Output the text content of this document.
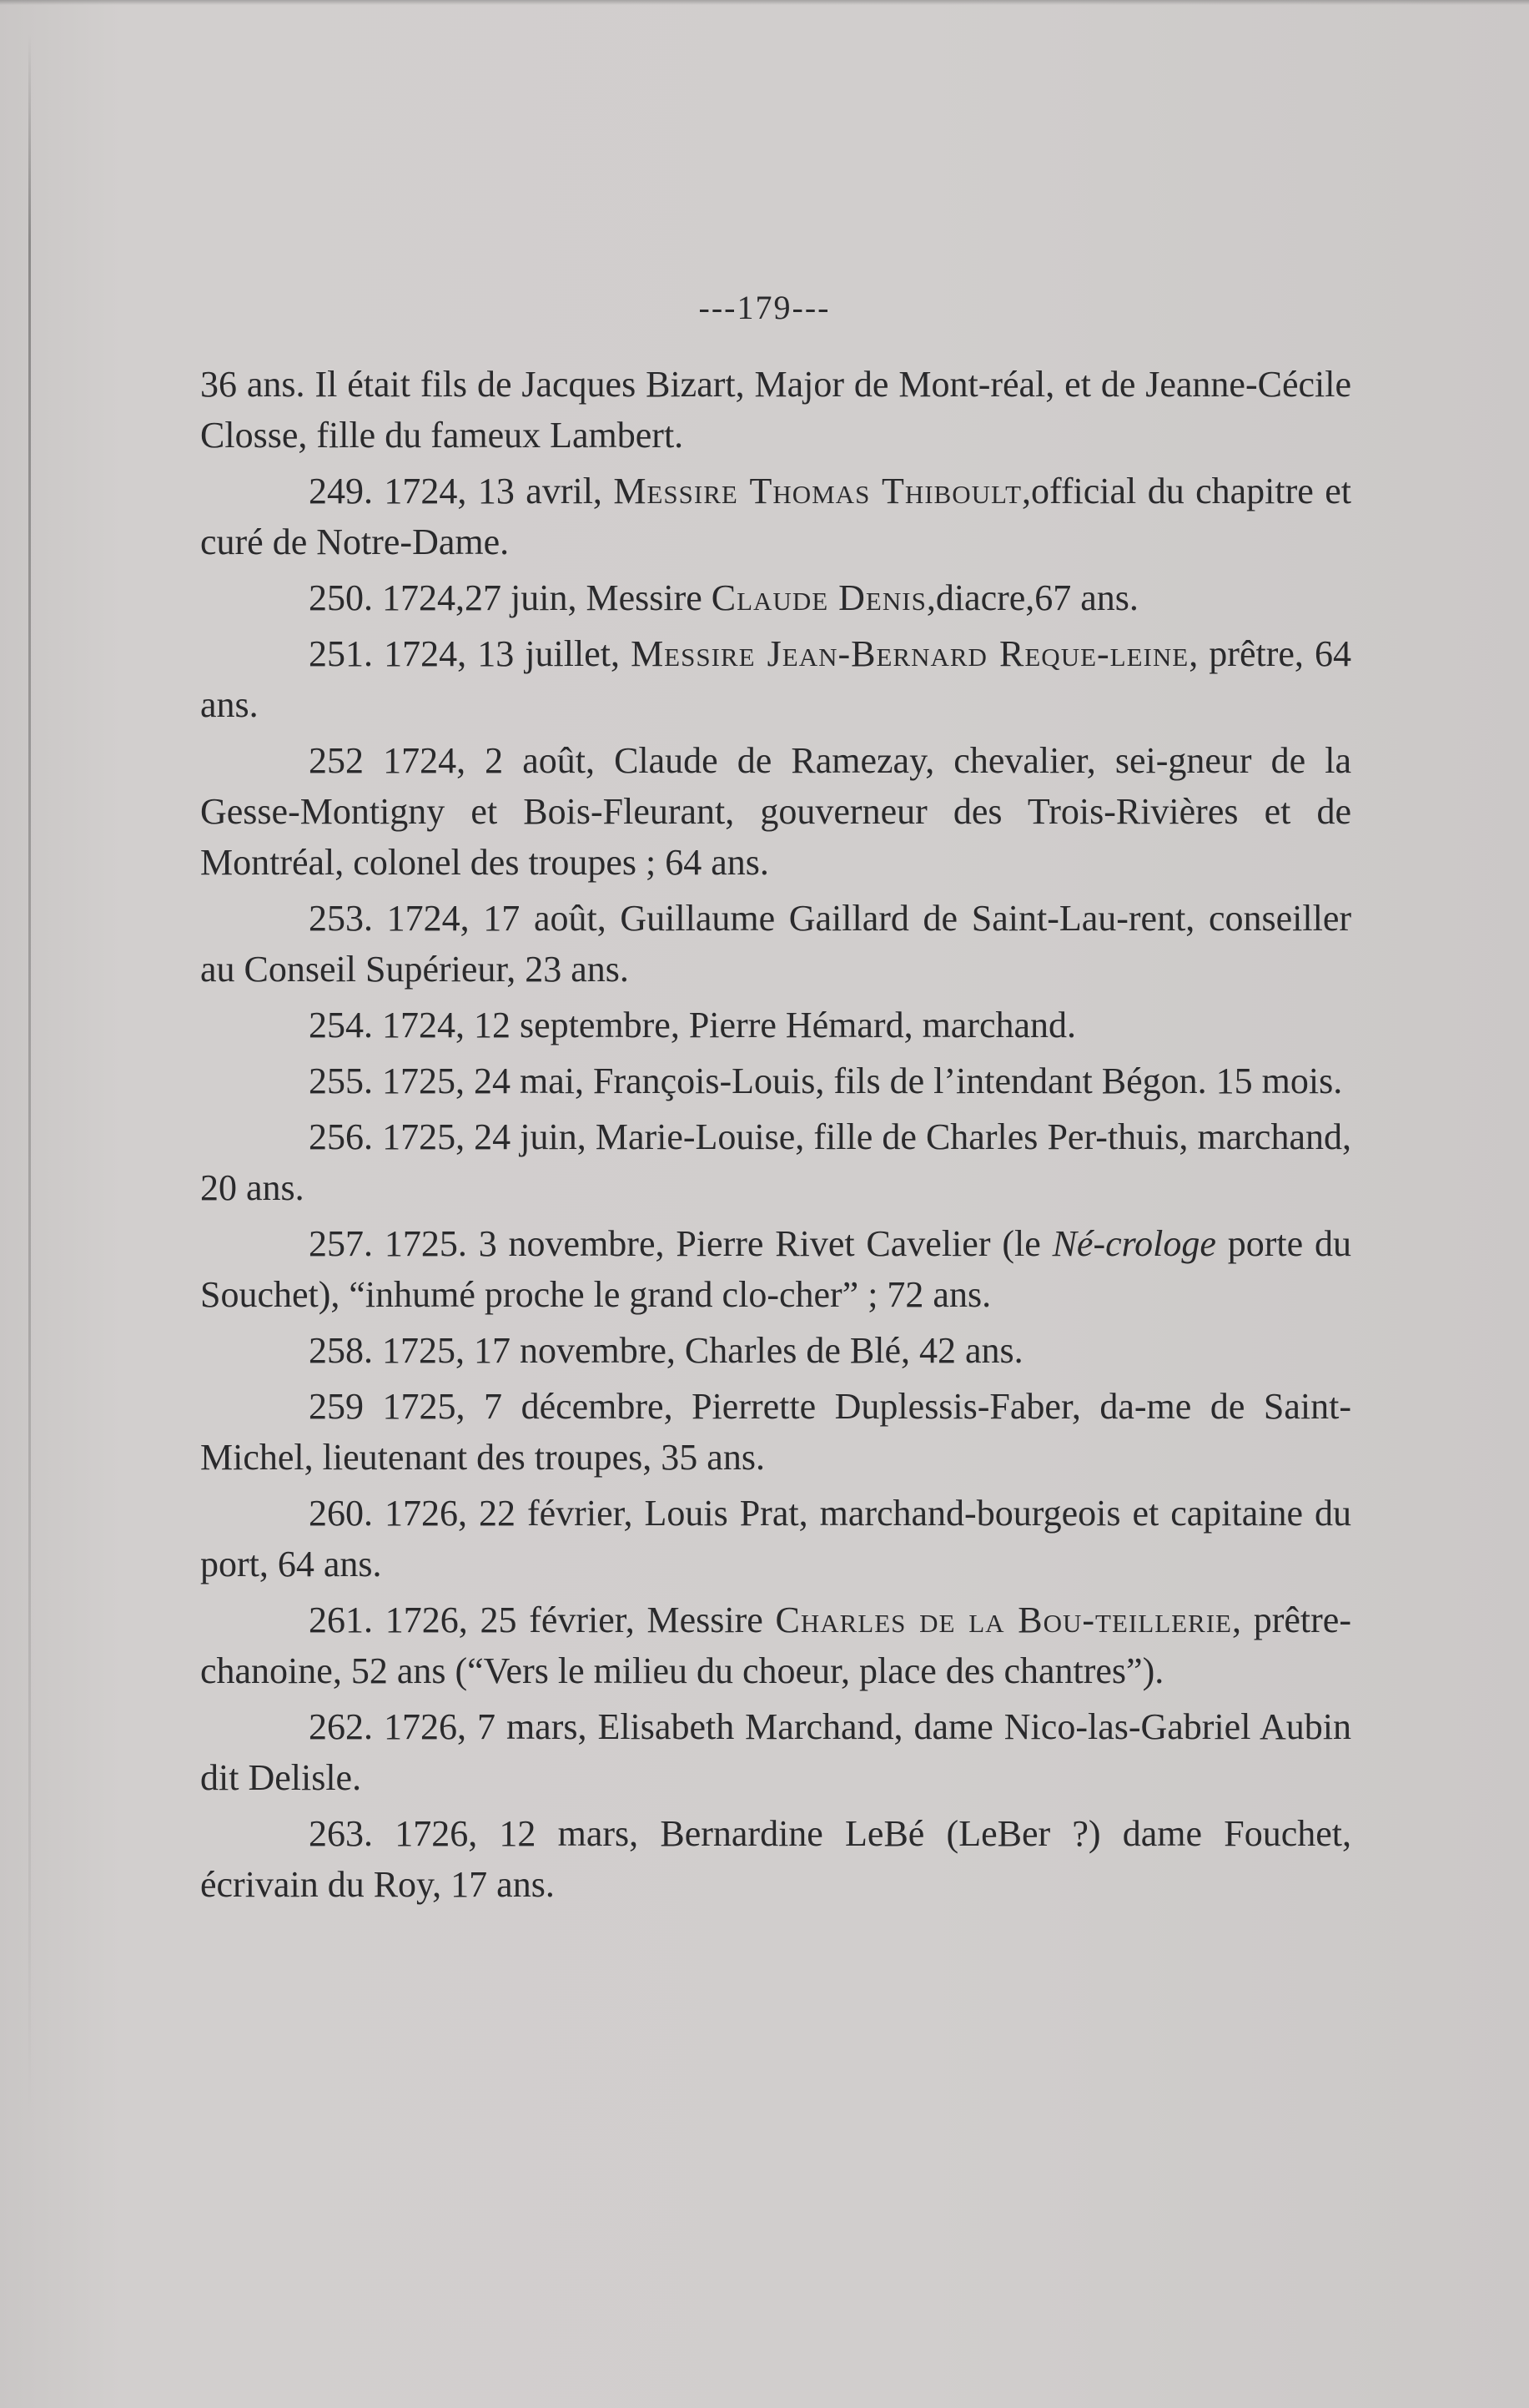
---179---

36 ans. Il était fils de Jacques Bizart, Major de Mont-réal, et de Jeanne-Cécile Closse, fille du fameux Lambert.

249. 1724, 13 avril, Messire Thomas Thiboult,official du chapitre et curé de Notre-Dame.

250. 1724,27 juin, Messire Claude Denis,diacre,67 ans.

251. 1724, 13 juillet, Messire Jean-Bernard Reque-leine, prêtre, 64 ans.

252 1724, 2 août, Claude de Ramezay, chevalier, sei-gneur de la Gesse-Montigny et Bois-Fleurant, gouverneur des Trois-Rivières et de Montréal, colonel des troupes ; 64 ans.

253. 1724, 17 août, Guillaume Gaillard de Saint-Lau-rent, conseiller au Conseil Supérieur, 23 ans.

254. 1724, 12 septembre, Pierre Hémard, marchand.

255. 1725, 24 mai, François-Louis, fils de l’intendant Bégon. 15 mois.

256. 1725, 24 juin, Marie-Louise, fille de Charles Per-thuis, marchand, 20 ans.

257. 1725. 3 novembre, Pierre Rivet Cavelier (le Né-crologe porte du Souchet), “inhumé proche le grand clo-cher” ; 72 ans.

258. 1725, 17 novembre, Charles de Blé, 42 ans.

259 1725, 7 décembre, Pierrette Duplessis-Faber, da-me de Saint-Michel, lieutenant des troupes, 35 ans.

260. 1726, 22 février, Louis Prat, marchand-bourgeois et capitaine du port, 64 ans.

261. 1726, 25 février, Messire Charles de la Bou-teillerie, prêtre-chanoine, 52 ans (“Vers le milieu du choeur, place des chantres”).

262. 1726, 7 mars, Elisabeth Marchand, dame Nico-las-Gabriel Aubin dit Delisle.

263. 1726, 12 mars, Bernardine LeBé (LeBer ?) dame Fouchet, écrivain du Roy, 17 ans.
